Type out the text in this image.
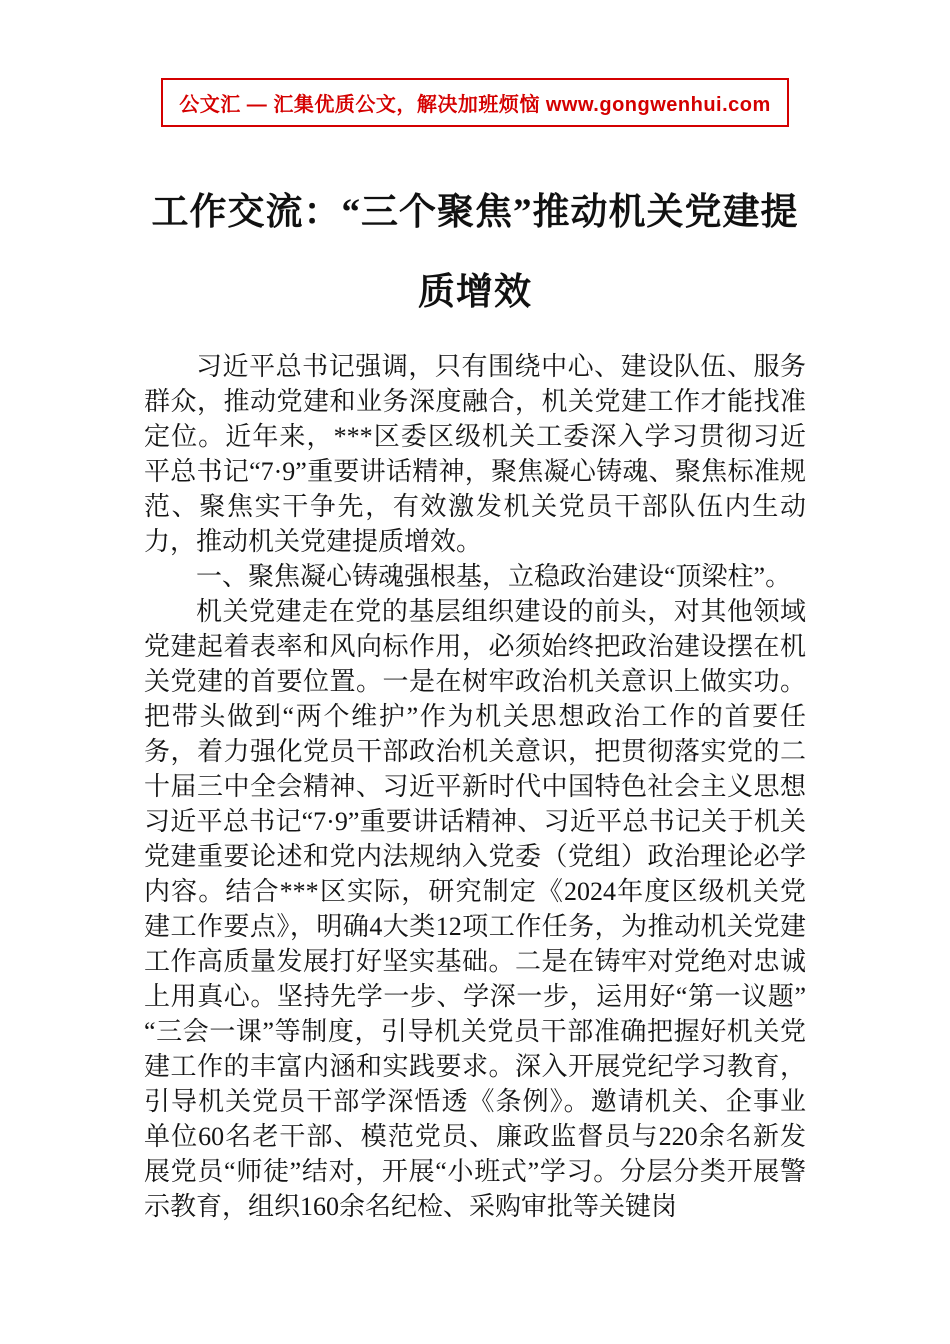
公文汇 — 汇集优质公文，解决加班烦恼 www.gongwenhui.com
工作交流：“三个聚焦”推动机关党建提质增效

习近平总书记强调，只有围绕中心、建设队伍、服务群众，推动党建和业务深度融合，机关党建工作才能找准定位。近年来，***区委区级机关工委深入学习贯彻习近平总书记“7·9”重要讲话精神，聚焦凝心铸魂、聚焦标准规范、聚焦实干争先，有效激发机关党员干部队伍内生动力，推动机关党建提质增效。

一、聚焦凝心铸魂强根基，立稳政治建设“顶梁柱”。

机关党建走在党的基层组织建设的前头，对其他领域党建起着表率和风向标作用，必须始终把政治建设摆在机关党建的首要位置。一是在树牢政治机关意识上做实功。把带头做到“两个维护”作为机关思想政治工作的首要任务，着力强化党员干部政治机关意识，把贯彻落实党的二十届三中全会精神、习近平新时代中国特色社会主义思想习近平总书记“7·9”重要讲话精神、习近平总书记关于机关党建重要论述和党内法规纳入党委（党组）政治理论必学内容。结合***区实际，研究制定《2024年度区级机关党建工作要点》，明确4大类12项工作任务，为推动机关党建工作高质量发展打好坚实基础。二是在铸牢对党绝对忠诚上用真心。坚持先学一步、学深一步，运用好“第一议题”“三会一课”等制度，引导机关党员干部准确把握好机关党建工作的丰富内涵和实践要求。深入开展党纪学习教育，引导机关党员干部学深悟透《条例》。邀请机关、企事业单位60名老干部、模范党员、廉政监督员与220余名新发展党员“师徒”结对，开展“小班式”学习。分层分类开展警示教育，组织160余名纪检、采购审批等关键岗
